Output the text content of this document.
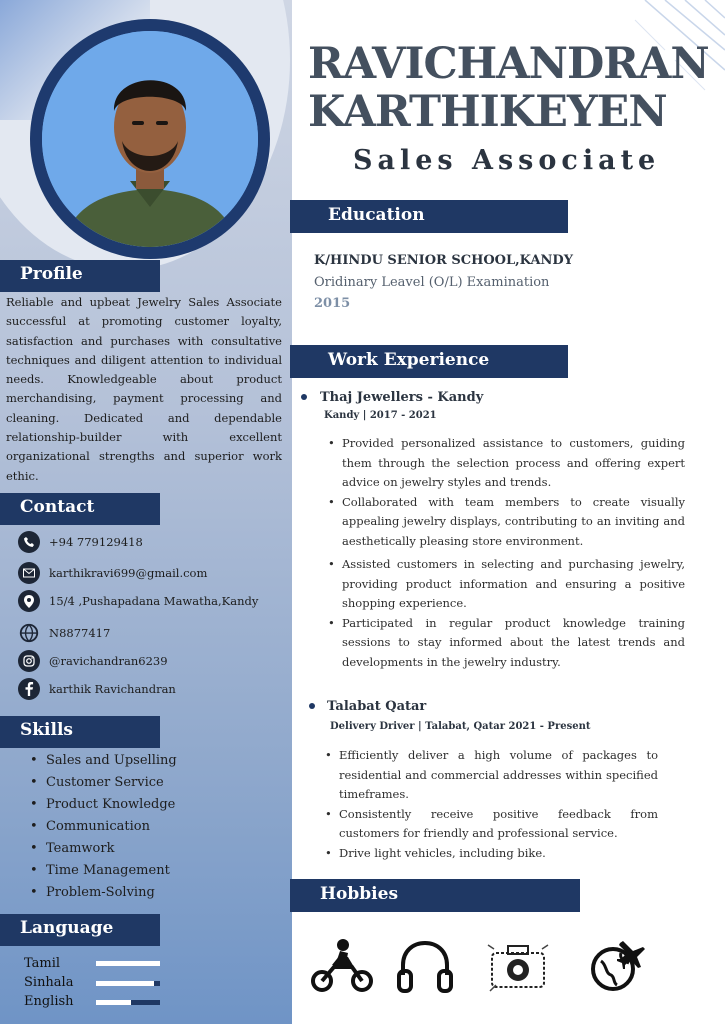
Profile

Reliable and upbeat Jewelry Sales Associate successful at promoting customer loyalty, satisfaction and purchases with consultative techniques and diligent attention to individual needs. Knowledgeable about product merchandising, payment processing and cleaning. Dedicated and dependable relationship-builder with excellent organizational strengths and superior work ethic.

Contact
+94 779129418
karthikravi699@gmail.com
15/4 ,Pushapadana Mawatha,Kandy
N8877417
@ravichandran6239
karthik Ravichandran
Skills
• Sales and Upselling
• Customer Service
• Product Knowledge
• Communication
• Teamwork
• Time Management
• Problem-Solving
Language
Tamil
Sinhala
English
RAVICHANDRAN
KARTHIKEYEN
Sales Associate
Education
K/HINDU SENIOR SCHOOL,KANDY
Oridinary Leavel (O/L) Examination
2015
Work Experience
Thaj Jewellers - Kandy
Kandy | 2017 - 2021
• Provided personalized assistance to customers, guiding them through the selection process and offering expert advice on jewelry styles and trends.
• Collaborated with team members to create visually appealing jewelry displays, contributing to an inviting and aesthetically pleasing store environment.
• Assisted customers in selecting and purchasing jewelry, providing product information and ensuring a positive shopping experience.
• Participated in regular product knowledge training sessions to stay informed about the latest trends and developments in the jewelry industry.
Talabat Qatar
Delivery Driver | Talabat, Qatar 2021 - Present
• Efficiently deliver a high volume of packages to residential and commercial addresses within specified timeframes.
• Consistently receive positive feedback from customers for friendly and professional service.
• Drive light vehicles, including bike.
Hobbies
